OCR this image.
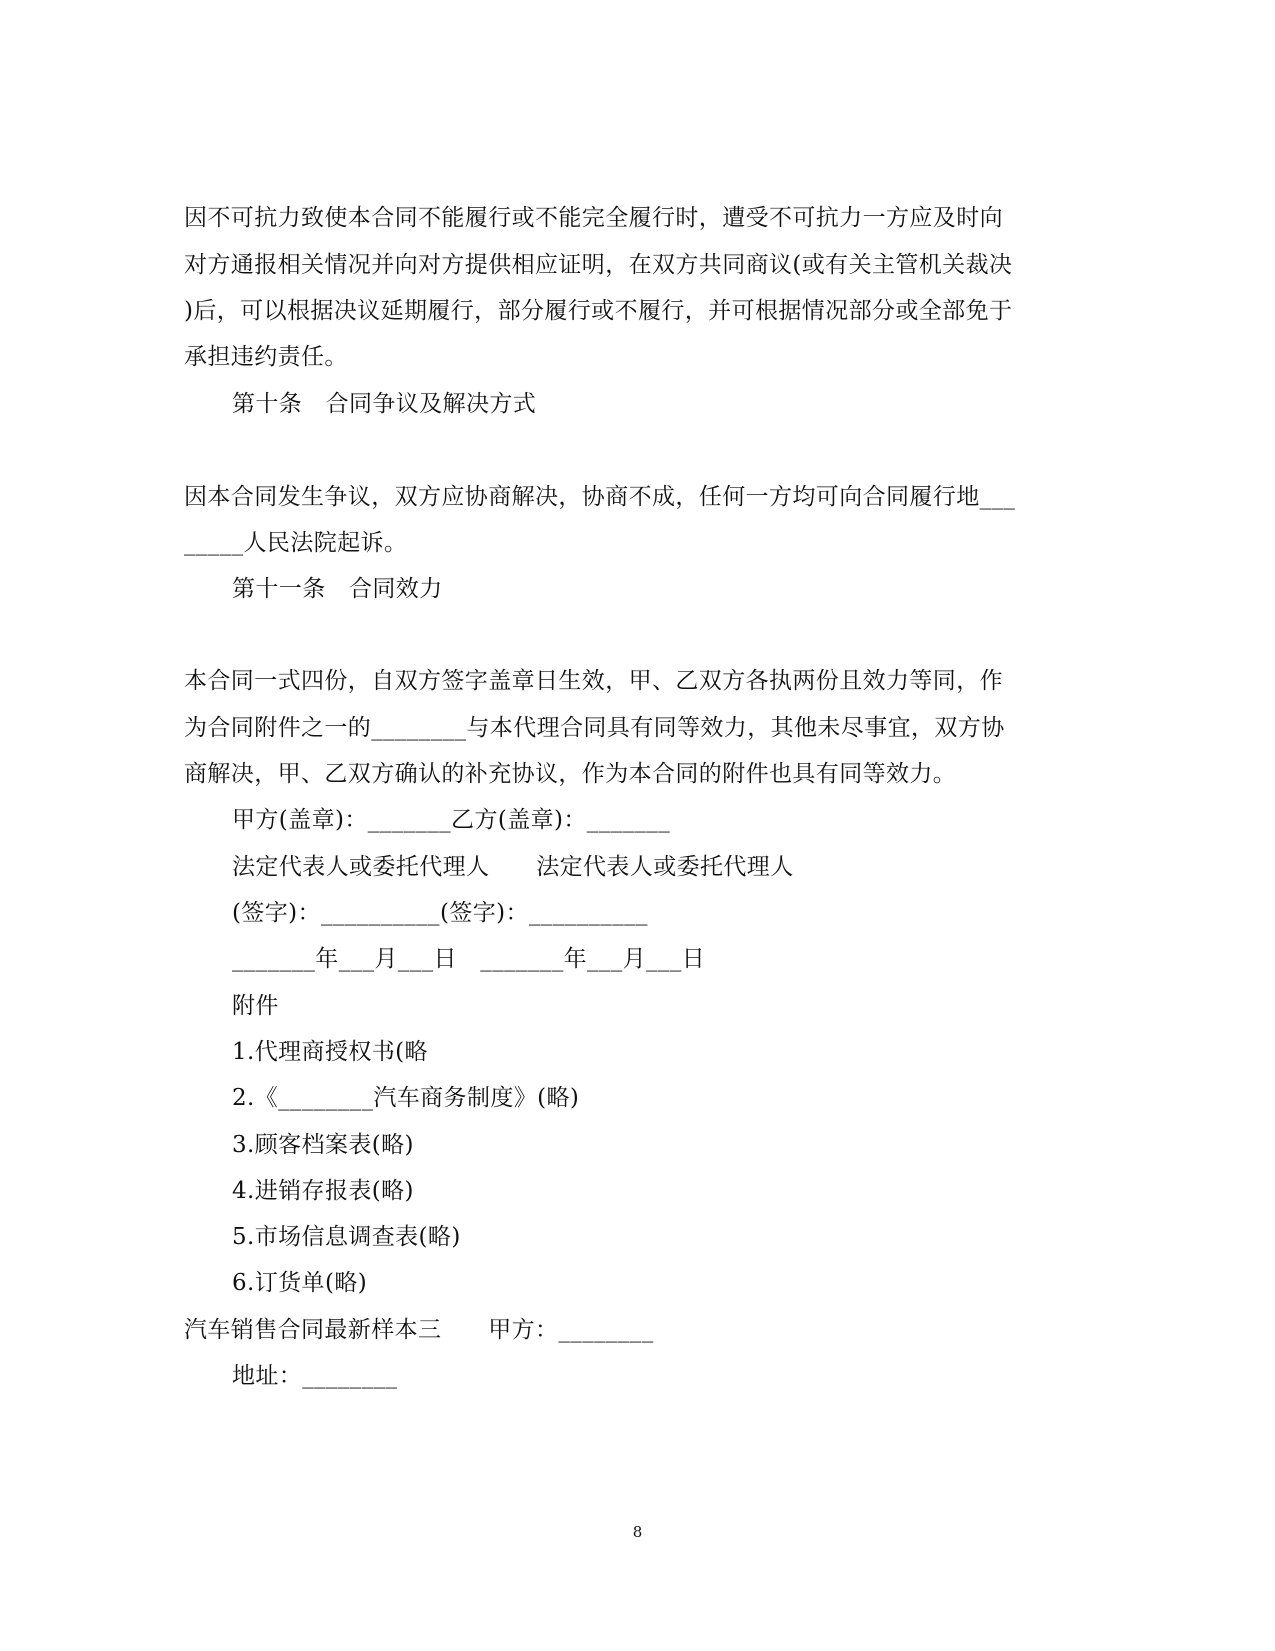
因不可抗力致使本合同不能履行或不能完全履行时，遭受不可抗力一方应及时向
对方通报相关情况并向对方提供相应证明，在双方共同商议(或有关主管机关裁决
)后，可以根据决议延期履行，部分履行或不履行，并可根据情况部分或全部免于
承担违约责任。
第十条　合同争议及解决方式
因本合同发生争议，双方应协商解决，协商不成，任何一方均可向合同履行地___
_____人民法院起诉。
第十一条　合同效力
本合同一式四份，自双方签字盖章日生效，甲、乙双方各执两份且效力等同，作
为合同附件之一的________与本代理合同具有同等效力，其他未尽事宜，双方协
商解决，甲、乙双方确认的补充协议，作为本合同的附件也具有同等效力。
甲方(盖章)：_______乙方(盖章)：_______
法定代表人或委托代理人　　法定代表人或委托代理人
(签字)：__________(签字)：__________
_______年___月___日　_______年___月___日
附件
1.代理商授权书(略
2.《________汽车商务制度》(略)
3.顾客档案表(略)
4.进销存报表(略)
5.市场信息调查表(略)
6.订货单(略)
汽车销售合同最新样本三　　甲方：________
地址：________
8
